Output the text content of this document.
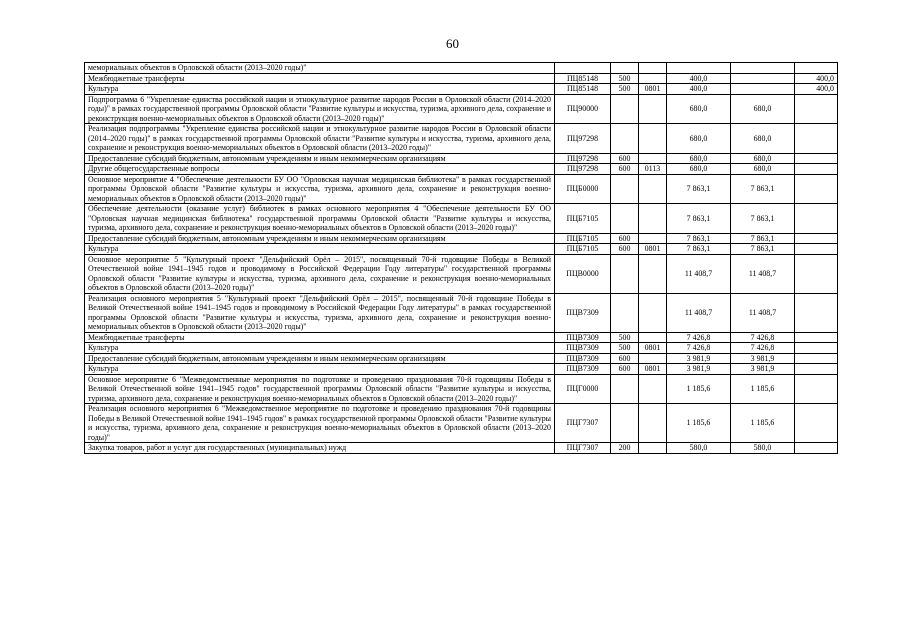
60
мемориальных объектов в Орловской области (2013–2020 годы)"						
Межбюджетные трансферты	ПЦ85148	500		400,0		400,0
Культура	ПЦ85148	500	0801	400,0		400,0
Подпрограмма 6 "Укрепление единства российской нации и этнокультурное развитие народов России в Орловской области (2014–2020 годы)" в рамках государственной программы Орловской области "Развитие культуры и искусства, туризма, архивного дела, сохранение и реконструкция военно-мемориальных объектов в Орловской области (2013–2020 годы)"	ПЦ90000			680,0	680,0	
Реализация подпрограммы "Укрепление единства российской нации и этнокультурное развитие народов России в Орловской области (2014–2020 годы)" в рамках государственной программы Орловской области "Развитие культуры и искусства, туризма, архивного дела, сохранение и реконструкция военно-мемориальных объектов в Орловской области (2013–2020 годы)"	ПЦ97298			680,0	680,0	
Предоставление субсидий бюджетным, автономным учреждениям и иным некоммерческим организациям	ПЦ97298	600		680,0	680,0	
Другие общегосударственные вопросы	ПЦ97298	600	0113	680,0	680,0	
Основное мероприятие 4 "Обеспечение деятельности БУ ОО "Орловская научная медицинская библиотека" в рамках государственной программы Орловской области "Развитие культуры и искусства, туризма, архивного дела, сохранение и реконструкция военно-мемориальных объектов в Орловской области (2013–2020 годы)"	ПЦБ0000			7 863,1	7 863,1	
Обеспечение деятельности (оказание услуг) библиотек в рамках основного мероприятия 4 "Обеспечение деятельности БУ ОО "Орловская научная медицинская библиотека" государственной программы Орловской области "Развитие культуры и искусства, туризма, архивного дела, сохранение и реконструкция военно-мемориальных объектов в Орловской области (2013–2020 годы)"	ПЦБ7105			7 863,1	7 863,1	
Предоставление субсидий бюджетным, автономным учреждениям и иным некоммерческим организациям	ПЦБ7105	600		7 863,1	7 863,1	
Культура	ПЦБ7105	600	0801	7 863,1	7 863,1	
Основное мероприятие 5 "Культурный проект "Дельфийский Орёл – 2015", посвященный 70-й годовщине Победы в Великой Отечественной войне 1941–1945 годов и проводимому в Российской Федерации Году литературы" государственной программы Орловской области "Развитие культуры и искусства, туризма, архивного дела, сохранение и реконструкция военно-мемориальных объектов в Орловской области (2013–2020 годы)"	ПЦВ0000			11 408,7	11 408,7	
Реализация основного мероприятия 5 "Культурный проект "Дельфийский Орёл – 2015", посвященный 70-й годовщине Победы в Великой Отечественной войне 1941–1945 годов и проводимому в Российской Федерации Году литературы" в рамках государственной программы Орловской области "Развитие культуры и искусства, туризма, архивного дела, сохранение и реконструкция военно-мемориальных объектов в Орловской области (2013–2020 годы)"	ПЦВ7309			11 408,7	11 408,7	
Межбюджетные трансферты	ПЦВ7309	500		7 426,8	7 426,8	
Культура	ПЦВ7309	500	0801	7 426,8	7 426,8	
Предоставление субсидий бюджетным, автономным учреждениям и иным некоммерческим организациям	ПЦВ7309	600		3 981,9	3 981,9	
Культура	ПЦВ7309	600	0801	3 981,9	3 981,9	
Основное мероприятие 6 "Межведомственные мероприятия по подготовке и проведению празднования 70-й годовщины Победы в Великой Отечественной войне 1941–1945 годов" государственной программы Орловской области "Развитие культуры и искусства, туризма, архивного дела, сохранение и реконструкция военно-мемориальных объектов в Орловской области (2013–2020 годы)"	ПЦГ0000			1 185,6	1 185,6	
Реализация основного мероприятия 6 "Межведомственное мероприятие по подготовке и проведению празднования 70-й годовщины Победы в Великой Отечественной войне 1941–1945 годов" в рамках государственной программы Орловской области "Развитие культуры и искусства, туризма, архивного дела, сохранение и реконструкция военно-мемориальных объектов в Орловской области (2013–2020 годы)"	ПЦГ7307			1 185,6	1 185,6	
Закупка товаров, работ и услуг для государственных (муниципальных) нужд	ПЦГ7307	200		580,0	580,0	
